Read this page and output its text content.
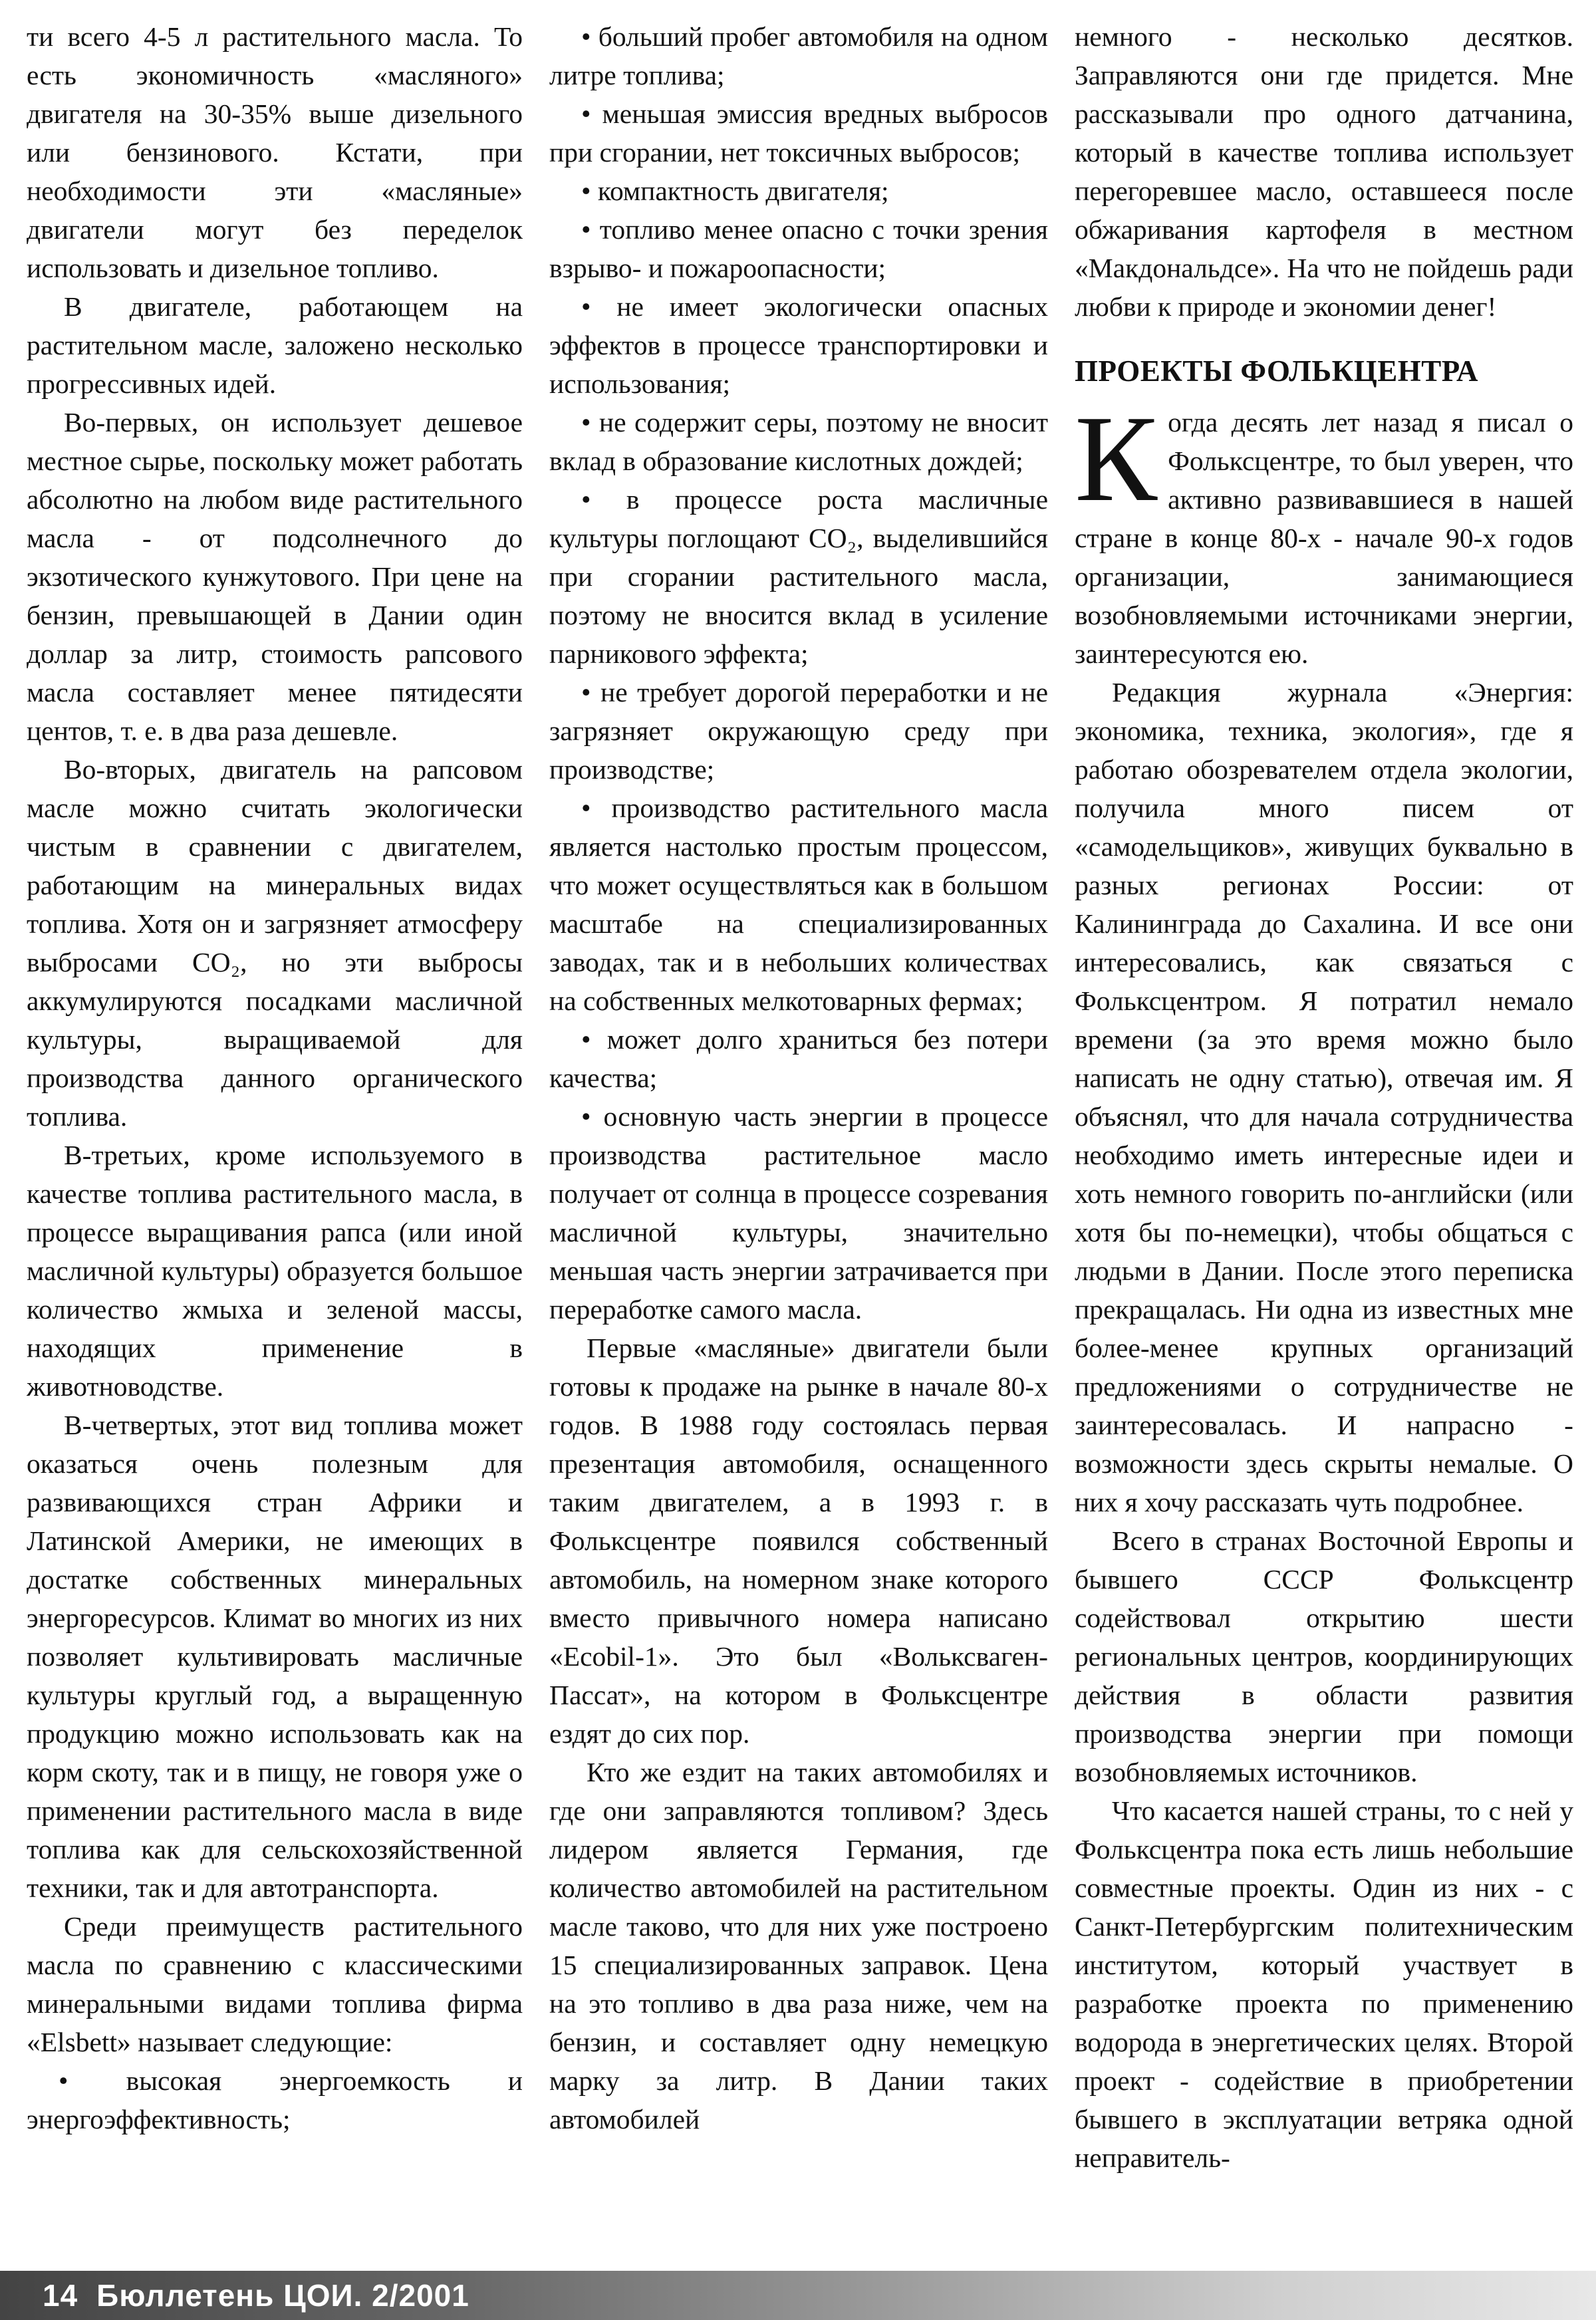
ти всего 4-5 л растительного масла. То есть экономичность «масляного» двигателя на 30-35% выше дизельного или бензинового. Кстати, при необходимости эти «масляные» двигатели могут без переделок использовать и дизельное топливо.

В двигателе, работающем на растительном масле, заложено несколько прогрессивных идей.

Во-первых, он использует дешевое местное сырье, поскольку может работать абсолютно на любом виде растительного масла - от подсолнечного до экзотического кунжутового. При цене на бензин, превышающей в Дании один доллар за литр, стоимость рапсового масла составляет менее пятидесяти центов, т. е. в два раза дешевле.

Во-вторых, двигатель на рапсовом масле можно считать экологически чистым в сравнении с двигателем, работающим на минеральных видах топлива. Хотя он и загрязняет атмосферу выбросами CO₂, но эти выбросы аккумулируются посадками масличной культуры, выращиваемой для производства данного органического топлива.

В-третьих, кроме используемого в качестве топлива растительного масла, в процессе выращивания рапса (или иной масличной культуры) образуется большое количество жмыха и зеленой массы, находящих применение в животноводстве.

В-четвертых, этот вид топлива может оказаться очень полезным для развивающихся стран Африки и Латинской Америки, не имеющих в достатке собственных минеральных энергоресурсов. Климат во многих из них позволяет культивировать масличные культуры круглый год, а выращенную продукцию можно использовать как на корм скоту, так и в пищу, не говоря уже о применении растительного масла в виде топлива как для сельскохозяйственной техники, так и для автотранспорта.

Среди преимуществ растительного масла по сравнению с классическими минеральными видами топлива фирма «Elsbett» называет следующие:

• высокая энергоемкость и энергоэффективность;

• больший пробег автомобиля на одном литре топлива;

• меньшая эмиссия вредных выбросов при сгорании, нет токсичных выбросов;

• компактность двигателя;

• топливо менее опасно с точки зрения взрыво- и пожароопасности;

• не имеет экологически опасных эффектов в процессе транспортировки и использования;

• не содержит серы, поэтому не вносит вклад в образование кислотных дождей;

• в процессе роста масличные культуры поглощают CO₂, выделившийся при сгорании растительного масла, поэтому не вносится вклад в усиление парникового эффекта;

• не требует дорогой переработки и не загрязняет окружающую среду при производстве;

• производство растительного масла является настолько простым процессом, что может осуществляться как в большом масштабе на специализированных заводах, так и в небольших количествах на собственных мелкотоварных фермах;

• может долго храниться без потери качества;

• основную часть энергии в процессе производства растительное масло получает от солнца в процессе созревания масличной культуры, значительно меньшая часть энергии затрачивается при переработке самого масла.

Первые «масляные» двигатели были готовы к продаже на рынке в начале 80-х годов. В 1988 году состоялась первая презентация автомобиля, оснащенного таким двигателем, а в 1993 г. в Фольксцентре появился собственный автомобиль, на номерном знаке которого вместо привычного номера написано «Ecobil-1». Это был «Вольксваген-Пассат», на котором в Фольксцентре ездят до сих пор.

Кто же ездит на таких автомобилях и где они заправляются топливом? Здесь лидером является Германия, где количество автомобилей на растительном масле таково, что для них уже построено 15 специализированных заправок. Цена на это топливо в два раза ниже, чем на бензин, и составляет одну немецкую марку за литр. В Дании таких автомобилей

немного - несколько десятков. Заправляются они где придется. Мне рассказывали про одного датчанина, который в качестве топлива использует перегоревшее масло, оставшееся после обжаривания картофеля в местном «Макдональдсе». На что не пойдешь ради любви к природе и экономии денег!

ПРОЕКТЫ ФОЛЬКЦЕНТРА

Когда десять лет назад я писал о Фольксцентре, то был уверен, что активно развивавшиеся в нашей стране в конце 80-х - начале 90-х годов организации, занимающиеся возобновляемыми источниками энергии, заинтересуются ею.

Редакция журнала «Энергия: экономика, техника, экология», где я работаю обозревателем отдела экологии, получила много писем от «самодельщиков», живущих буквально в разных регионах России: от Калининграда до Сахалина. И все они интересовались, как связаться с Фольксцентром. Я потратил немало времени (за это время можно было написать не одну статью), отвечая им. Я объяснял, что для начала сотрудничества необходимо иметь интересные идеи и хоть немного говорить по-английски (или хотя бы по-немецки), чтобы общаться с людьми в Дании. После этого переписка прекращалась. Ни одна из известных мне более-менее крупных организаций предложениями о сотрудничестве не заинтересовалась. И напрасно - возможности здесь скрыты немалые. О них я хочу рассказать чуть подробнее.

Всего в странах Восточной Европы и бывшего СССР Фольксцентр содействовал открытию шести региональных центров, координирующих действия в области развития производства энергии при помощи возобновляемых источников.

Что касается нашей страны, то с ней у Фольксцентра пока есть лишь небольшие совместные проекты. Один из них - с Санкт-Петербургским политехническим институтом, который участвует в разработке проекта по применению водорода в энергетических целях. Второй проект - содействие в приобретении бывшего в эксплуатации ветряка одной неправитель-

14 Бюллетень ЦОИ. 2/2001
